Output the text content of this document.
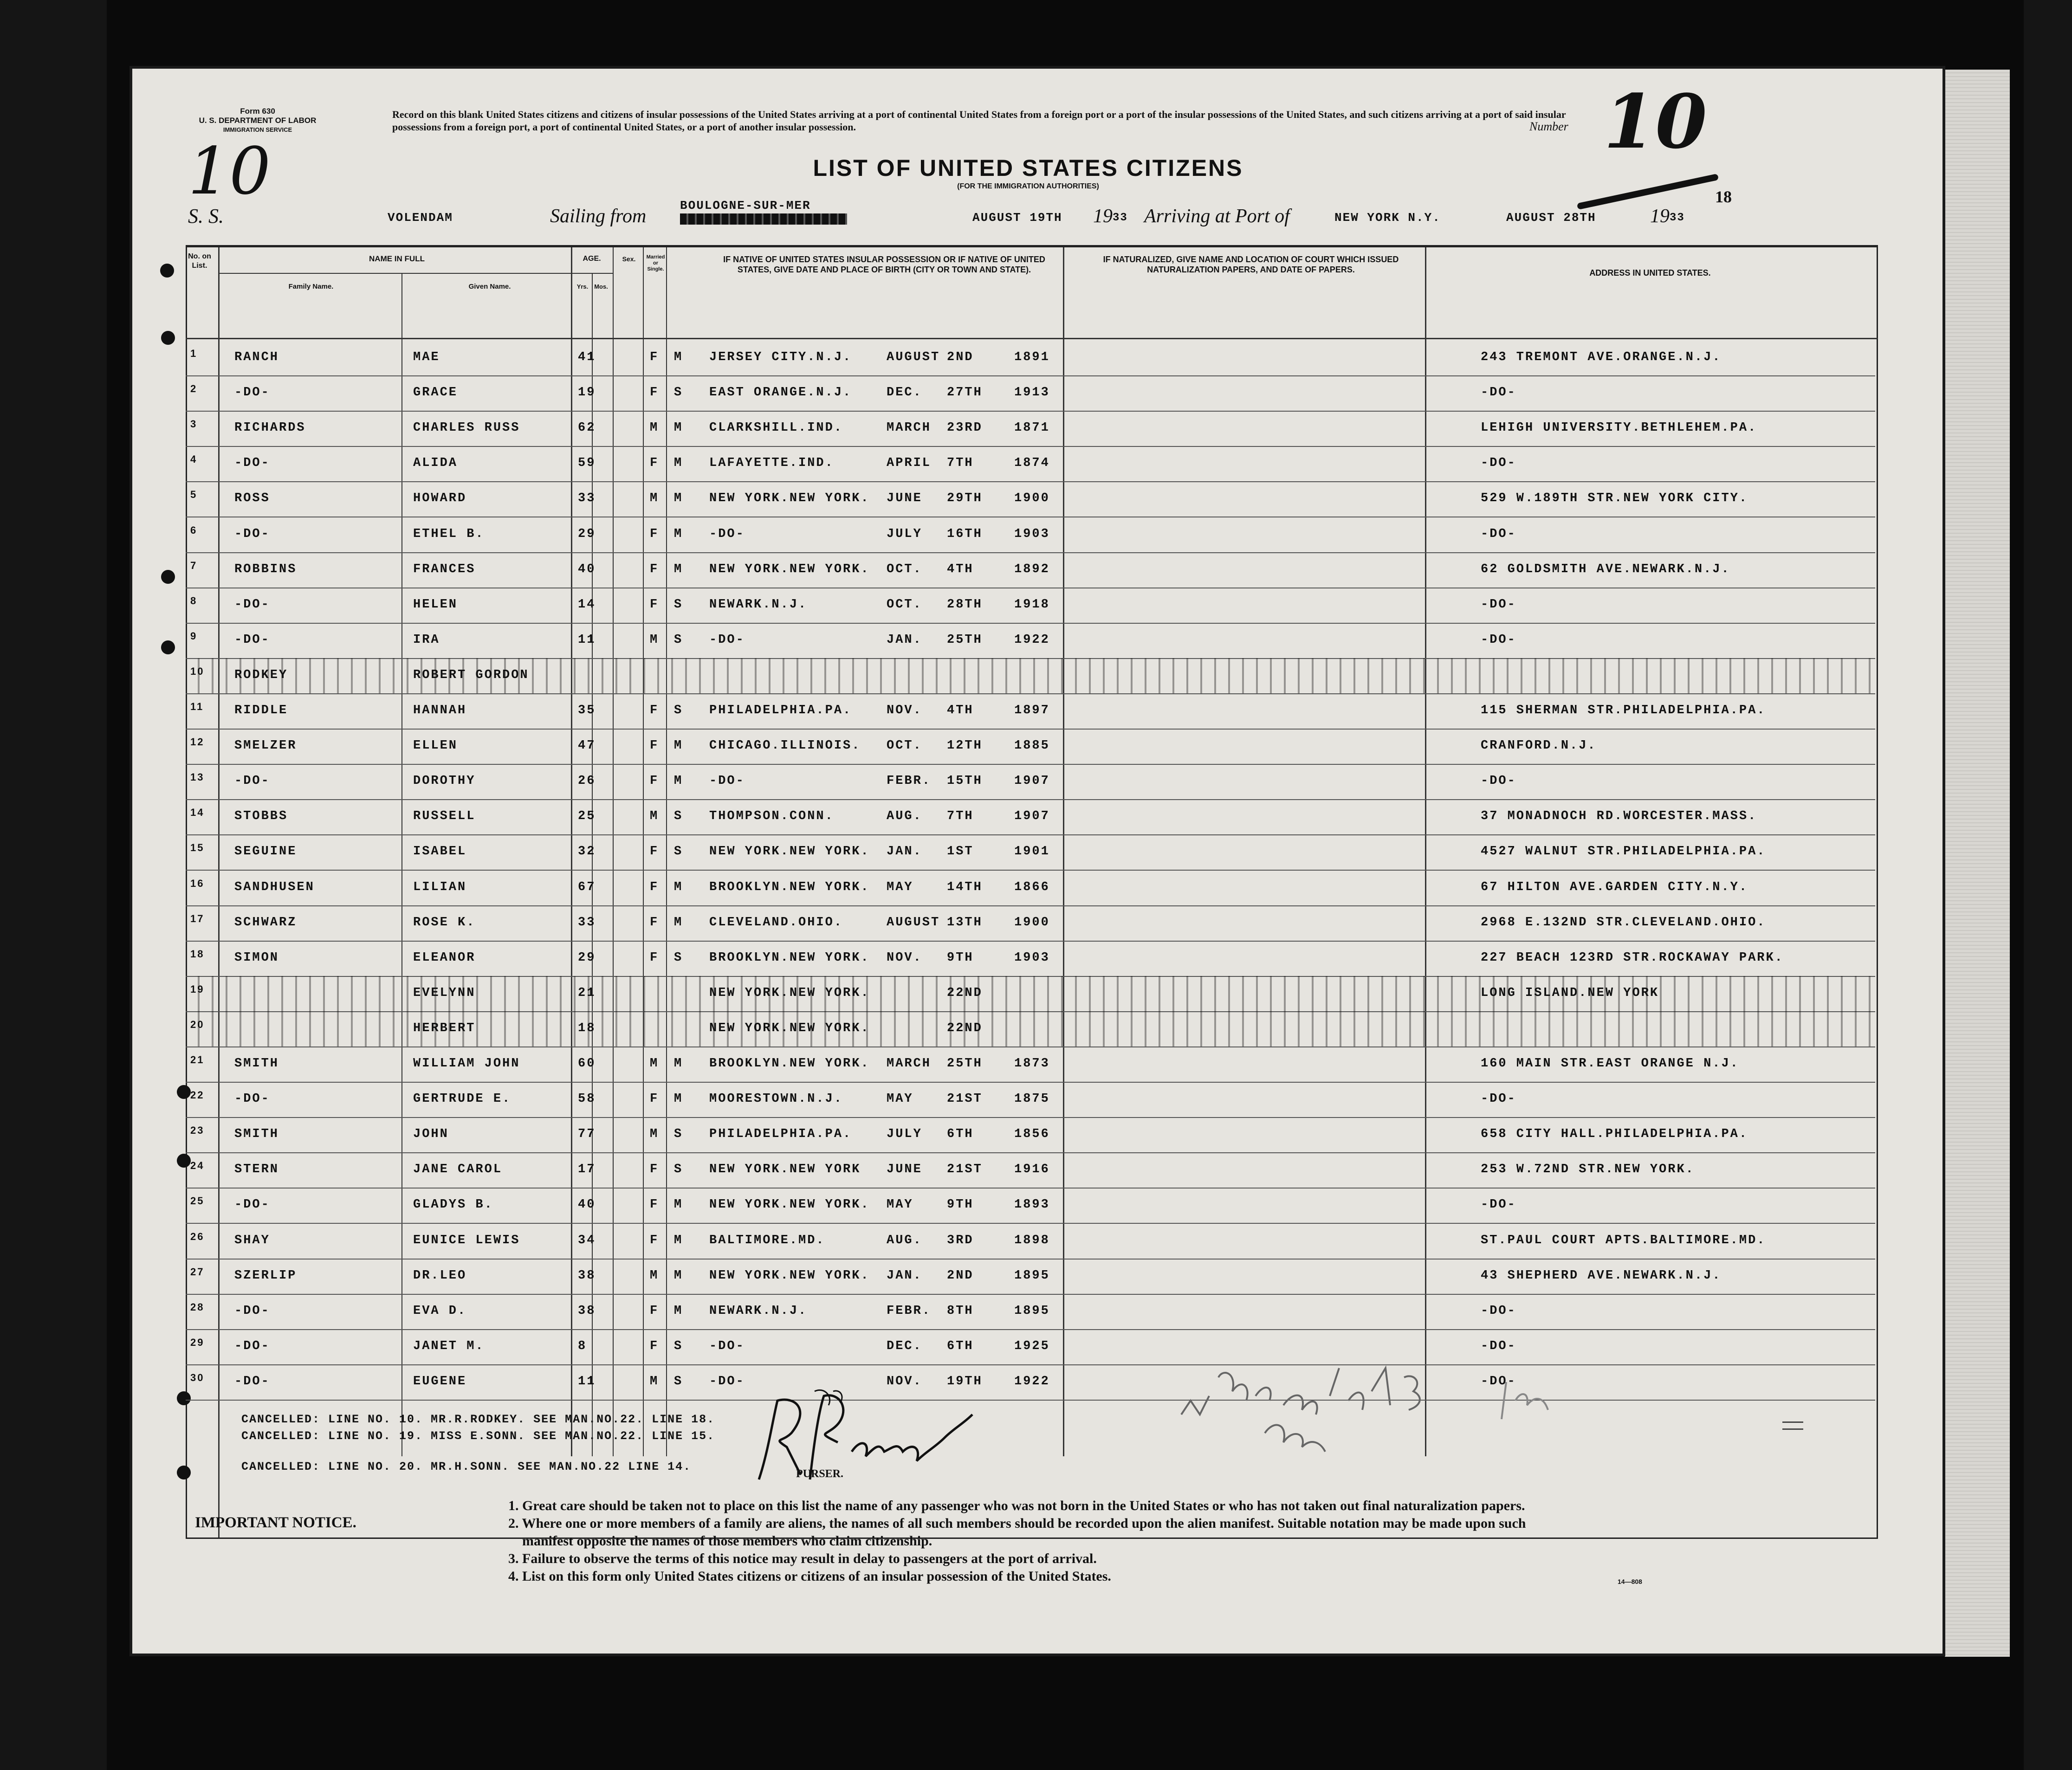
Form 630
U. S. DEPARTMENT OF LABOR
IMMIGRATION SERVICE
Record on this blank United States citizens and citizens of insular possessions of the United States arriving at a port of continental United States from a foreign port or a port of the insular possessions of the United States, and such citizens arriving at a port of said insular possessions from a foreign port, a port of continental United States, or a port of another insular possession.	Number 10
10	18
LIST OF UNITED STATES CITIZENS
(FOR THE IMMIGRATION AUTHORITIES)
S. S.	VOLENDAM	Sailing from	BOULOGNE-SUR-MER
AUGUST 19TH 19 33 Arriving at Port of	NEW YORK N.Y.	AUGUST 28TH	19 33
No. on List.
NAME IN FULL
Family Name.	Given Name.
AGE.
Yrs. Mos.
Sex.	Married or Single.
IF NATIVE OF UNITED STATES INSULAR POSSESSION OR IF NATIVE OF UNITED STATES, GIVE DATE AND PLACE OF BIRTH (CITY OR TOWN AND STATE).
IF NATURALIZED, GIVE NAME AND LOCATION OF COURT WHICH ISSUED NATURALIZATION PAPERS, AND DATE OF PAPERS.	ADDRESS IN UNITED STATES.
1	RANCH	MAE	41	F M JERSEY CITY.N.J.	AUGUST 2ND	1891	243 TREMONT AVE.ORANGE.N.J.
2	-DO-	GRACE	19	F S EAST ORANGE.N.J.	DEC. 27TH	1913	-DO-
3	RICHARDS	CHARLES RUSS	62	M M CLARKSHILL.IND.	MARCH 23RD	1871	LEHIGH UNIVERSITY.BETHLEHEM.PA.
4	-DO-	ALIDA	59	F M LAFAYETTE.IND.	APRIL 7TH	1874	-DO-
5	ROSS	HOWARD	33	M M NEW YORK.NEW YORK. JUNE 29TH	1900	529 W.189TH STR.NEW YORK CITY.
6	-DO-	ETHEL B.	29	F M -DO-	JULY 16TH	1903	-DO-
7	ROBBINS	FRANCES	40	F M NEW YORK.NEW YORK. OCT. 4TH	1892	62 GOLDSMITH AVE.NEWARK.N.J.
8	-DO-	HELEN	14	F S NEWARK.N.J.	OCT. 28TH	1918	-DO-
9	-DO-	IRA	11	M S -DO-	JAN. 25TH	1922	-DO-
10 RODKEY	ROBERT GORDON
11 RIDDLE	HANNAH	35	F S PHILADELPHIA.PA.	NOV. 4TH	1897	115 SHERMAN STR.PHILADELPHIA.PA.
12 SMELZER	ELLEN	47	F M CHICAGO.ILLINOIS. OCT. 12TH	1885	CRANFORD.N.J.
13 -DO-	DOROTHY	26	F M -DO-	FEBR. 15TH	1907	-DO-
14 STOBBS	RUSSELL	25	M S THOMPSON.CONN.	AUG. 7TH	1907	37 MONADNOCH RD.WORCESTER.MASS.
15 SEGUINE	ISABEL	32	F S NEW YORK.NEW YORK. JAN. 1ST	1901	4527 WALNUT STR.PHILADELPHIA.PA.
16 SANDHUSEN	LILIAN	67	F M BROOKLYN.NEW YORK. MAY	14TH	1866	67 HILTON AVE.GARDEN CITY.N.Y.
17 SCHWARZ	ROSE K.	33	F M CLEVELAND.OHIO.	AUGUST 13TH	1900	2968 E.132ND STR.CLEVELAND.OHIO.
18 SIMON	ELEANOR	29	F S BROOKLYN.NEW YORK. NOV. 9TH	1903	227 BEACH 123RD STR.ROCKAWAY PARK.
19	EVELYNN	21	NEW YORK.NEW YORK.	22ND	LONG ISLAND.NEW YORK
20	HERBERT	18	NEW YORK.NEW YORK.	22ND
21 SMITH	WILLIAM JOHN	60	M M BROOKLYN.NEW YORK. MARCH 25TH	1873	160 MAIN STR.EAST ORANGE N.J.
22 -DO-	GERTRUDE E.	58	F M MOORESTOWN.N.J.	MAY	21ST	1875	-DO-
23 SMITH	JOHN	77	M S PHILADELPHIA.PA.	JULY 6TH	1856	658 CITY HALL.PHILADELPHIA.PA.
24 STERN	JANE CAROL	17	F S NEW YORK.NEW YORK JUNE 21ST	1916	253 W.72ND STR.NEW YORK.
25 -DO-	GLADYS B.	40	F M NEW YORK.NEW YORK. MAY	9TH	1893	-DO-
26 SHAY	EUNICE LEWIS	34	F M BALTIMORE.MD.	AUG. 3RD	1898	ST.PAUL COURT APTS.BALTIMORE.MD.
27 SZERLIP	DR.LEO	38	M M NEW YORK.NEW YORK. JAN. 2ND	1895	43 SHEPHERD AVE.NEWARK.N.J.
28 -DO-	EVA D.	38	F M NEWARK.N.J.	FEBR. 8TH	1895	-DO-
29 -DO-	JANET M.	8	F S -DO-	DEC. 6TH	1925	-DO-
30 -DO-	EUGENE	11	M S -DO-	NOV. 19TH	1922	-DO-
CANCELLED: LINE NO. 10. MR.R.RODKEY. SEE MAN.NO.22. LINE 18.
CANCELLED: LINE NO. 19. MISS E.SONN. SEE MAN.NO.22. LINE 15.
CANCELLED: LINE NO. 20. MR.H.SONN. SEE MAN.NO.22 LINE 14.
PURSER.
IMPORTANT NOTICE.
1. Great care should be taken not to place on this list the name of any passenger who was not born in the United States or who has not taken out final naturalization papers.
2. Where one or more members of a family are aliens, the names of all such members should be recorded upon the alien manifest. Suitable notation may be made upon such
manifest opposite the names of those members who claim citizenship.
3. Failure to observe the terms of this notice may result in delay to passengers at the port of arrival.
4. List on this form only United States citizens or citizens of an insular possession of the United States.	14—808
